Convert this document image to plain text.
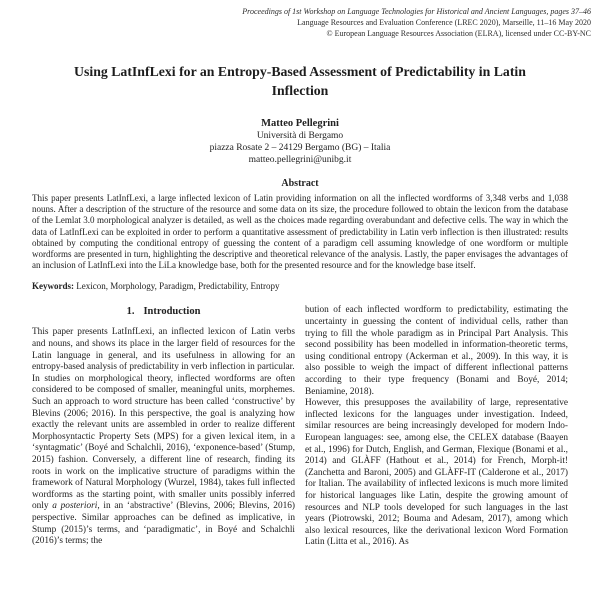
Proceedings of 1st Workshop on Language Technologies for Historical and Ancient Languages, pages 37–46
Language Resources and Evaluation Conference (LREC 2020), Marseille, 11–16 May 2020
© European Language Resources Association (ELRA), licensed under CC-BY-NC
Using LatInfLexi for an Entropy-Based Assessment of Predictability in Latin Inflection
Matteo Pellegrini
Università di Bergamo
piazza Rosate 2 – 24129 Bergamo (BG) – Italia
matteo.pellegrini@unibg.it
Abstract

This paper presents LatInfLexi, a large inflected lexicon of Latin providing information on all the inflected wordforms of 3,348 verbs and 1,038 nouns. After a description of the structure of the resource and some data on its size, the procedure followed to obtain the lexicon from the database of the Lemlat 3.0 morphological analyzer is detailed, as well as the choices made regarding overabundant and defective cells. The way in which the data of LatInfLexi can be exploited in order to perform a quantitative assessment of predictability in Latin verb inflection is then illustrated: results obtained by computing the conditional entropy of guessing the content of a paradigm cell assuming knowledge of one wordform or multiple wordforms are presented in turn, highlighting the descriptive and theoretical relevance of the analysis. Lastly, the paper envisages the advantages of an inclusion of LatInfLexi into the LiLa knowledge base, both for the presented resource and for the knowledge base itself.

Keywords: Lexicon, Morphology, Paradigm, Predictability, Entropy

1. Introduction

This paper presents LatInfLexi, an inflected lexicon of Latin verbs and nouns, and shows its place in the larger field of resources for the Latin language in general, and its usefulness in allowing for an entropy-based analysis of predictability in verb inflection in particular.

In studies on morphological theory, inflected wordforms are often considered to be composed of smaller, meaningful units, morphemes. Such an approach to word structure has been called ‘constructive’ by Blevins (2006; 2016). In this perspective, the goal is analyzing how exactly the relevant units are assembled in order to realize different Morphosyntactic Property Sets (MPS) for a given lexical item, in a ‘syntagmatic’ (Boyé and Schalchli, 2016), ‘exponence-based’ (Stump, 2015) fashion. Conversely, a different line of research, finding its roots in work on the implicative structure of paradigms within the framework of Natural Morphology (Wurzel, 1984), takes full inflected wordforms as the starting point, with smaller units possibly inferred only a posteriori, in an ‘abstractive’ (Blevins, 2006; Blevins, 2016) perspective. Similar approaches can be defined as implicative, in Stump (2015)’s terms, and ‘paradigmatic’, in Boyé and Schalchli (2016)’s terms; the

bution of each inflected wordform to predictability, estimating the uncertainty in guessing the content of individual cells, rather than trying to fill the whole paradigm as in Principal Part Analysis. This second possibility has been modelled in information-theoretic terms, using conditional entropy (Ackerman et al., 2009). In this way, it is also possible to weigh the impact of different inflectional patterns according to their type frequency (Bonami and Boyé, 2014; Beniamine, 2018).

However, this presupposes the availability of large, representative inflected lexicons for the languages under investigation. Indeed, similar resources are being increasingly developed for modern Indo-European languages: see, among else, the CELEX database (Baayen et al., 1996) for Dutch, English, and German, Flexique (Bonami et al., 2014) and GLÀFF (Hathout et al., 2014) for French, Morph-it! (Zanchetta and Baroni, 2005) and GLÀFF-IT (Calderone et al., 2017) for Italian. The availability of inflected lexicons is much more limited for historical languages like Latin, despite the growing amount of resources and NLP tools developed for such languages in the last years (Piotrowski, 2012; Bouma and Adesam, 2017), among which also lexical resources, like the derivational lexicon Word Formation Latin (Litta et al., 2016). As
